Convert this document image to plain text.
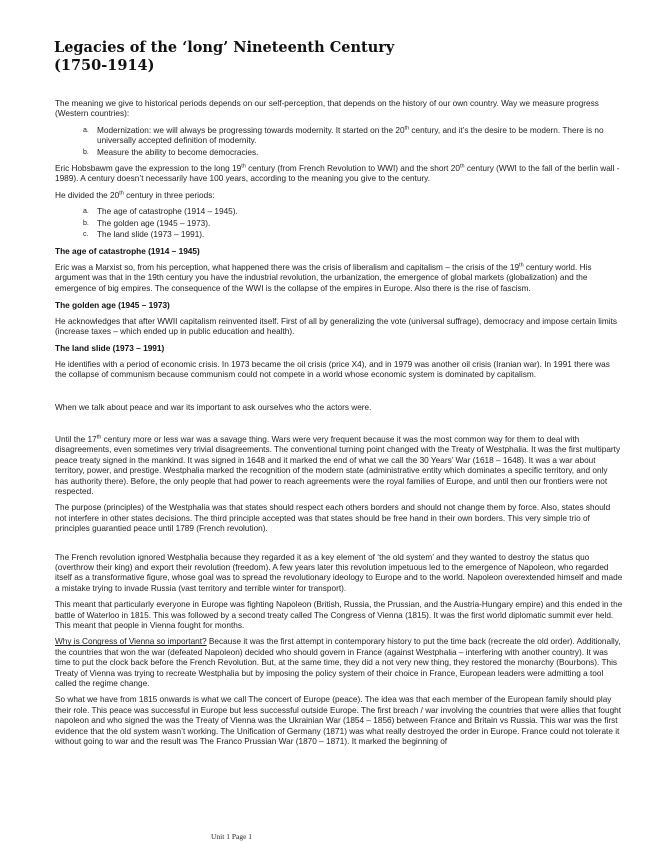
Legacies of the ‘long’ Nineteenth Century
(1750-1914)

The meaning we give to historical periods depends on our self-perception, that depends on the history of our own country. Way we measure progress (Western countries):

a. Modernization: we will always be progressing towards modernity. It started on the 20th century, and it’s the desire to be modern. There is no universally accepted definition of modernity.
b. Measure the ability to become democracies.

Eric Hobsbawm gave the expression to the long 19th century (from French Revolution to WWI) and the short 20th century (WWI to the fall of the berlin wall - 1989). A century doesn’t necessarily have 100 years, according to the meaning you give to the century.

He divided the 20th century in three periods:

a. The age of catastrophe (1914 – 1945).
b. The golden age (1945 – 1973).
c. The land slide (1973 – 1991).
The age of catastrophe (1914 – 1945)

Eric was a Marxist so, from his perception, what happened there was the crisis of liberalism and capitalism – the crisis of the 19th century world. His argument was that in the 19th century you have the industrial revolution, the urbanization, the emergence of global markets (globalization) and the emergence of big empires. The consequence of the WWI is the collapse of the empires in Europe. Also there is the rise of fascism.

The golden age (1945 – 1973)

He acknowledges that after WWII capitalism reinvented itself. First of all by generalizing the vote (universal suffrage), democracy and impose certain limits (increase taxes – which ended up in public education and health).

The land slide (1973 – 1991)

He identifies with a period of economic crisis. In 1973 became the oil crisis (price X4), and in 1979 was another oil crisis (Iranian war). In 1991 there was the collapse of communism because communism could not compete in a world whose economic system is dominated by capitalism.

When we talk about peace and war its important to ask ourselves who the actors were.

Until the 17th century more or less war was a savage thing. Wars were very frequent because it was the most common way for them to deal with disagreements, even sometimes very trivial disagreements. The conventional turning point changed with the Treaty of Westphalia. It was the first multiparty peace treaty signed in the mankind. It was signed in 1648 and it marked the end of what we call the 30 Years’ War (1618 – 1648). It was a war about territory, power, and prestige. Westphalia marked the recognition of the modern state (administrative entity which dominates a specific territory, and only has authority there). Before, the only people that had power to reach agreements were the royal families of Europe, and until then our frontiers were not respected.

The purpose (principles) of the Westphalia was that states should respect each others borders and should not change them by force. Also, states should not interfere in other states decisions. The third principle accepted was that states should be free hand in their own borders. This very simple trio of principles guarantied peace until 1789 (French revolution).

The French revolution ignored Westphalia because they regarded it as a key element of ‘the old system’ and they wanted to destroy the status quo (overthrow their king) and export their revolution (freedom). A few years later this revolution impetuous led to the emergence of Napoleon, who regarded itself as a transformative figure, whose goal was to spread the revolutionary ideology to Europe and to the world. Napoleon overextended himself and made a mistake trying to invade Russia (vast territory and terrible winter for transport).

This meant that particularly everyone in Europe was fighting Napoleon (British, Russia, the Prussian, and the Austria-Hungary empire) and this ended in the battle of Waterloo in 1815. This was followed by a second treaty called The Congress of Vienna (1815). It was the first world diplomatic summit ever held. This meant that people in Vienna fought for months.

Why is Congress of Vienna so important? Because it was the first attempt in contemporary history to put the time back (recreate the old order). Additionally, the countries that won the war (defeated Napoleon) decided who should govern in France (against Westphalia – interfering with another country). It was time to put the clock back before the French Revolution. But, at the same time, they did a not very new thing, they restored the monarchy (Bourbons). This Treaty of Vienna was trying to recreate Westphalia but by imposing the policy system of their choice in France, European leaders were admitting a tool called the regime change.

So what we have from 1815 onwards is what we call The concert of Europe (peace). The idea was that each member of the European family should play their role. This peace was successful in Europe but less successful outside Europe. The first breach / war involving the countries that were allies that fought napoleon and who signed the was the Treaty of Vienna was the Ukrainian War (1854 – 1856) between France and Britain vs Russia. This war was the first evidence that the old system wasn’t working. The Unification of Germany (1871) was what really destroyed the order in Europe. France could not tolerate it without going to war and the result was The Franco Prussian War (1870 – 1871). It marked the beginning of

Unit 1 Page 1
